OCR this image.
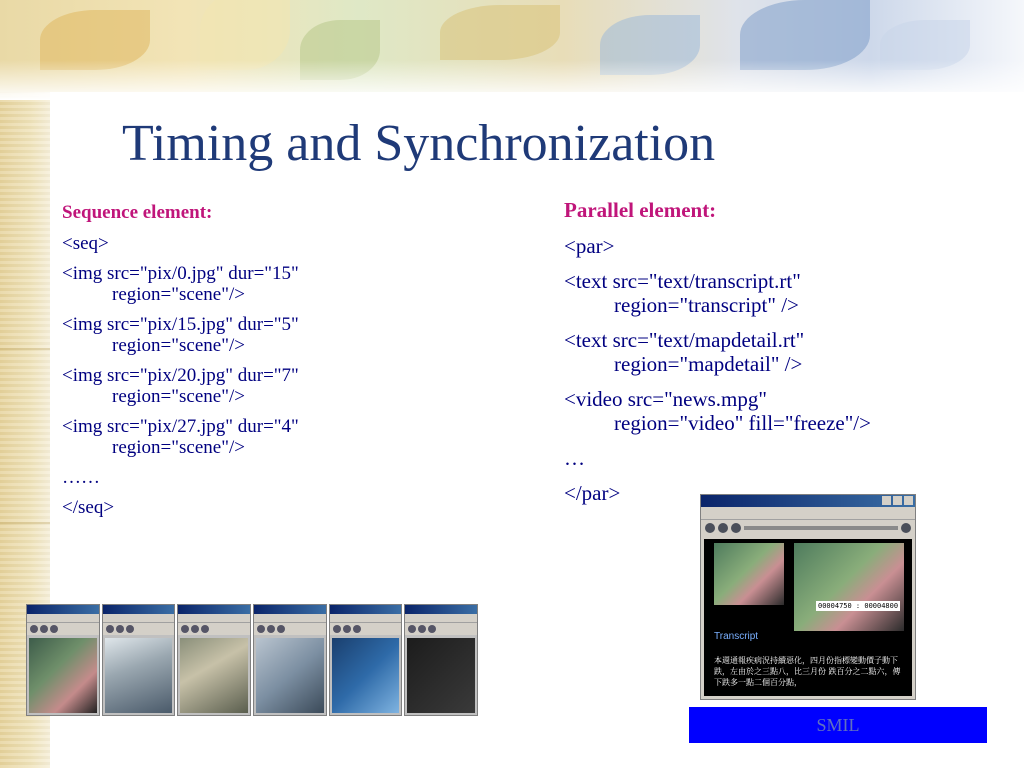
Timing and Synchronization
Sequence element:
<seq>
<img src="pix/0.jpg" dur="15"
region="scene"/>
<img src="pix/15.jpg" dur="5"
region="scene"/>
<img src="pix/20.jpg" dur="7"
region="scene"/>
<img src="pix/27.jpg" dur="4"
region="scene"/>
……
</seq>
Parallel element:
<par>
<text src="text/transcript.rt"
region="transcript" />
<text src="text/mapdetail.rt"
region="mapdetail" />
<video src="news.mpg"
region="video" fill="freeze"/>
…
</par>
00004750 : 00004800
Transcript
本週通報疾病況持續惡化，四月份指標變動價子動下跌，左由於之三點八，比三月份 跌百分之二點六，傳下跌多一點二個百分點，
SMIL
